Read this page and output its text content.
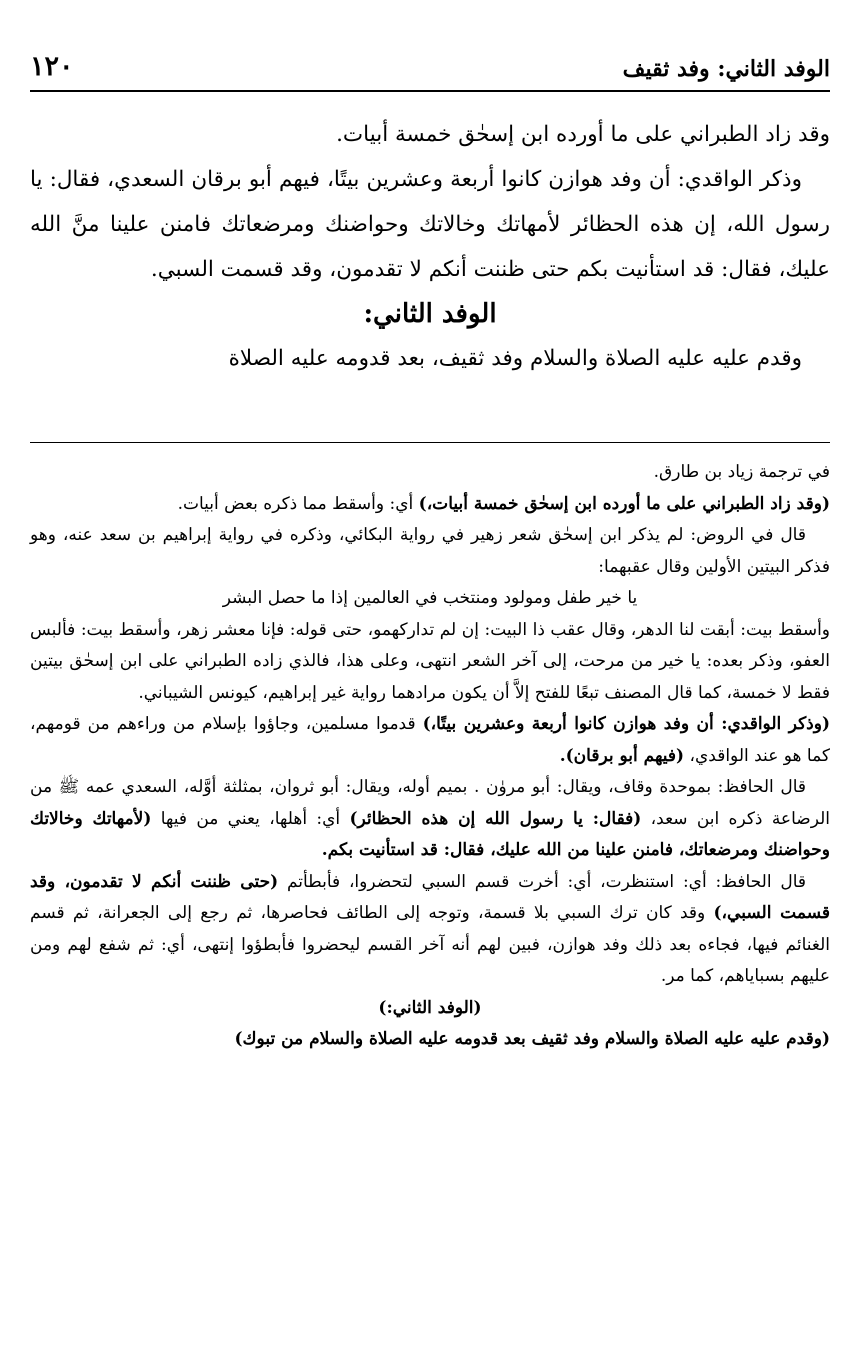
١٢٠	الوفد الثاني: وفد ثقيف

وقد زاد الطبراني على ما أورده ابن إسحٰق خمسة أبيات.

وذكر الواقدي: أن وفد هوازن كانوا أربعة وعشرين بيتًا، فيهم أبو برقان السعدي، فقال: يا رسول الله، إن هذه الحظائر لأمهاتك وخالاتك وحواضنك ومرضعاتك فامنن علينا منَّ الله عليك، فقال: قد استأنيت بكم حتى ظننت أنكم لا تقدمون، وقد قسمت السبي.

الوفد الثاني:

وقدم عليه عليه الصلاة والسلام وفد ثقيف، بعد قدومه عليه الصلاة

في ترجمة زياد بن طارق.

(وقد زاد الطبراني على ما أورده ابن إسحٰق خمسة أبيات،) أي: وأسقط مما ذكره بعض أبيات.

قال في الروض: لم يذكر ابن إسحٰق شعر زهير في رواية البكائي، وذكره في رواية إبراهيم بن سعد عنه، وهو فذكر البيتين الأولين وقال عقبهما:

يا خير طفل ومولود ومنتخب في العالمين إذا ما حصل البشر

وأسقط بيت: أبقت لنا الدهر، وقال عقب ذا البيت: إن لم تداركهمو، حتى قوله: فإنا معشر زهر، وأسقط بيت: فألبس العفو، وذكر بعده: يا خير من مرحت، إلى آخر الشعر انتهى، وعلى هذا، فالذي زاده الطبراني على ابن إسحٰق بيتين فقط لا خمسة، كما قال المصنف تبعًا للفتح إلاَّ أن يكون مرادهما رواية غير إبراهيم، كيونس الشيباني.

(وذكر الواقدي: أن وفد هوازن كانوا أربعة وعشرين بيتًا،) قدموا مسلمين، وجاؤوا بإسلام من وراءهم من قومهم، كما هو عند الواقدي، (فيهم أبو برقان).

قال الحافظ: بموحدة وقاف، ويقال: أبو مروٰن . بميم أوله، ويقال: أبو ثروان، بمثلثة أوَّله، السعدي عمه ﷺ من الرضاعة ذكره ابن سعد، (فقال: يا رسول الله إن هذه الحظائر) أي: أهلها، يعني من فيها (لأمهاتك وخالاتك وحواضنك ومرضعاتك، فامنن علينا من الله عليك، فقال: قد استأنيت بكم.

قال الحافظ: أي: استنظرت، أي: أخرت قسم السبي لتحضروا، فأبطأتم (حتى ظننت أنكم لا تقدمون، وقد قسمت السبي،) وقد كان ترك السبي بلا قسمة، وتوجه إلى الطائف فحاصرها، ثم رجع إلى الجعرانة، ثم قسم الغنائم فيها، فجاءه بعد ذلك وفد هوازن، فبين لهم أنه آخر القسم ليحضروا فأبطؤوا إنتهى، أي: ثم شفع لهم ومن عليهم بسباياهم، كما مر.

(الوفد الثاني:)

(وقدم عليه عليه الصلاة والسلام وفد ثقيف بعد قدومه عليه الصلاة والسلام من تبوك)
